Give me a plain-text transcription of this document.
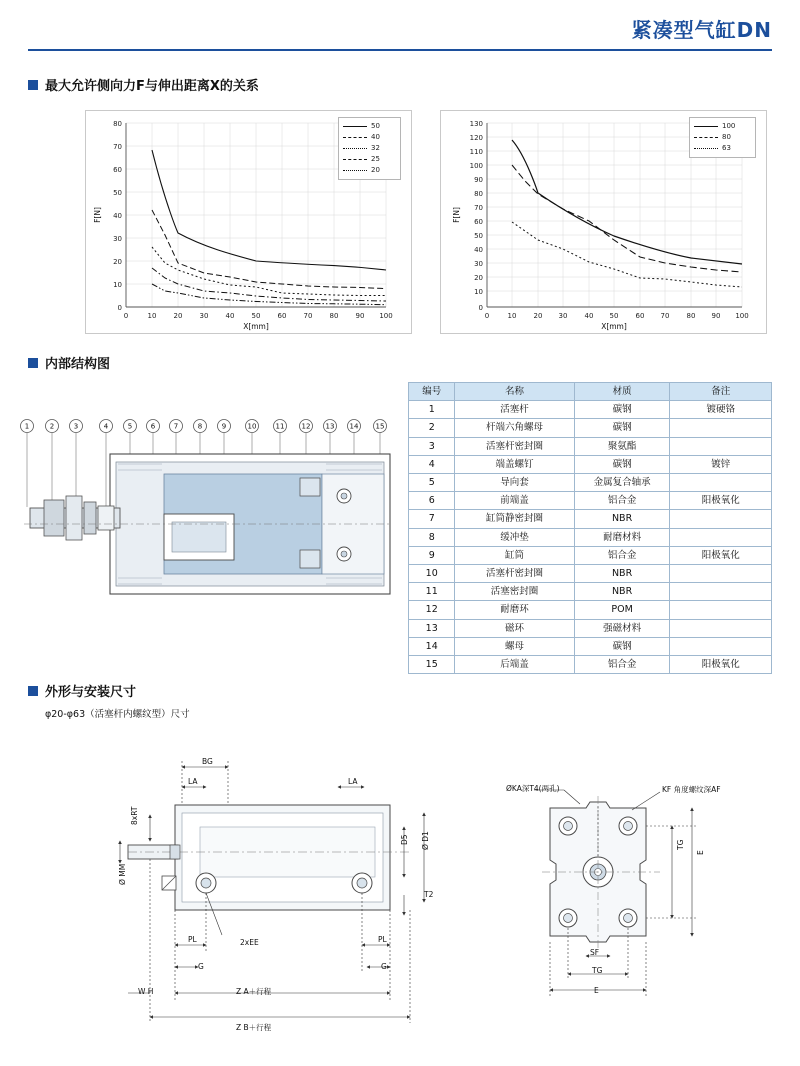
紧凑型气缸DN
最大允许侧向力F与伸出距离X的关系
0
10
20
30
40
50
60
70
80
0	10 20 30 40 50 60 70 80 90 100
X[mm]
F[N]
50
40
32
25
20
0
10
20
30
40
50
60
70
80
90
100
110
120
130
0	10 20 30 40 50 60 70 80 90 100
X[mm]
F[N]
100
80
63
内部结构图
1	2	3	4	5	6	7	8	9	10	11 12 13 14 15
编号	名称	材质	备注
1	活塞杆	碳钢	镀硬铬
2	杆端六角螺母	碳钢	
3	活塞杆密封圈	聚氨酯	
4	端盖螺钉	碳钢	镀锌
5	导向套	金属复合轴承	
6	前端盖	铝合金	阳极氧化
7	缸筒静密封圈	NBR	
8	缓冲垫	耐磨材料	
9	缸筒	铝合金	阳极氧化
10	活塞杆密封圈	NBR	
11	活塞密封圈	NBR	
12	耐磨环	POM	
13	磁环	强磁材料	
14	螺母	碳钢	
15	后端盖	铝合金	阳极氧化
外形与安装尺寸
φ20-φ63（活塞杆内螺纹型）尺寸
BG
LA	LA
8xRT
Ø MM
D5 Ø D1
T2
2xEE
PL	PL
G	G
W H	Z A＋行程
Z B＋行程
ØKA深T4(两孔)	KF 角度螺纹深AF
TG
E
SF
TG
E
